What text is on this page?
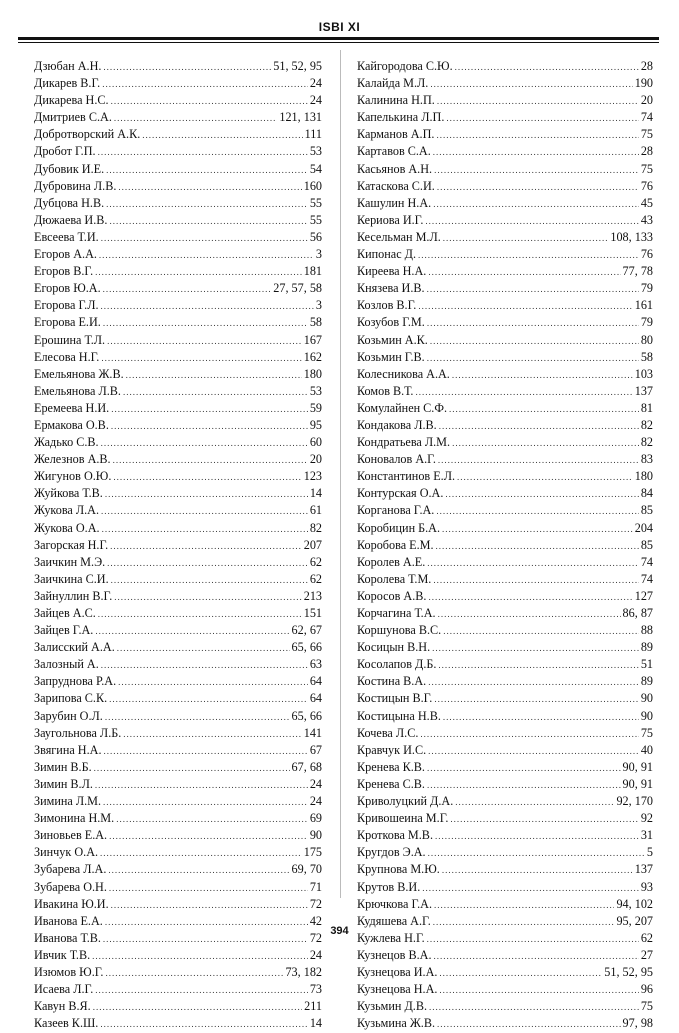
ISBI XI
Дзюбан А.Н. .....	51, 52, 95
Дикарев В.Г. .....	24
Дикарева Н.С. .....	24
Дмитриев С.А. .....	121, 131
Добротворский А.К. .....	111
Дробот Г.П. .....	53
Дубовик И.Е. .....	54
Дубровина Л.В. .....	160
Дубцова Н.В. .....	55
Дюжаева И.В. .....	55
Евсеева Т.И. .....	56
Егоров А.А. .....	3
Егоров В.Г. .....	181
Егоров Ю.А. .....	27, 57, 58
Егорова Г.Л. .....	3
Егорова Е.И. .....	58
Ерошина Т.Л. .....	167
Елесова Н.Г. .....	162
Емельянова Ж.В. .....	180
Емельянова Л.В. .....	53
Еремеева Н.И. .....	59
Ермакова О.В. .....	95
Жадько С.В. .....	60
Железнов А.В. .....	20
Жигунов О.Ю. .....	123
Жуйкова Т.В. .....	14
Жукова Л.А. .....	61
Жукова О.А. .....	82
Загорская Н.Г. .....	207
Заичкин М.Э. .....	62
Заичкина С.И. .....	62
Зайнуллин В.Г. .....	213
Зайцев А.С. .....	151
Зайцев Г.А. .....	62, 67
Залисский А.А. .....	65, 66
Залозный А. .....	63
Запруднова Р.А. .....	64
Зарипова С.К. .....	64
Зарубин О.Л. .....	65, 66
Заугольнова Л.Б. .....	141
Звягина Н.А. .....	67
Зимин В.Б. .....	67, 68
Зимин В.Л. .....	24
Зимина Л.М. .....	24
Зимонина Н.М. .....	69
Зиновьев Е.А. .....	90
Зинчук О.А. .....	175
Зубарева Л.А. .....	69, 70
Зубарева О.Н. .....	71
Ивакина Ю.И. .....	72
Иванова Е.А. .....	42
Иванова Т.В. .....	72
Ивчик Т.В. .....	24
Изюмов Ю.Г. .....	73, 182
Исаева Л.Г. .....	73
Кавун В.Я. .....	211
Казеев К.Ш. .....	14
Кайгородова С.Ю. .....	28
Калайда М.Л. .....	190
Калинина Н.П. .....	20
Капелькина Л.П. .....	74
Карманов А.П. .....	75
Картавов С.А. .....	28
Касьянов А.Н. .....	75
Катаскова С.И. .....	76
Кашулин Н.А. .....	45
Кериова И.Г. .....	43
Кесельман М.Л. .....	108, 133
Кипонас Д. .....	76
Киреева Н.А. .....	77, 78
Князева И.В. .....	79
Козлов В.Г. .....	161
Козубов Г.М. .....	79
Козьмин А.К. .....	80
Козьмин Г.В. .....	58
Колесникова А.А. .....	103
Комов В.Т. .....	137
Комулайнен С.Ф. .....	81
Кондакова Л.В. .....	82
Кондратьева Л.М. .....	82
Коновалов А.Г. .....	83
Константинов Е.Л. .....	180
Контурская О.А. .....	84
Корганова Г.А. .....	85
Коробицин Б.А. .....	204
Коробова Е.М. .....	85
Королев А.Е. .....	74
Королева Т.М. .....	74
Коросов А.В. .....	127
Корчагина Т.А. .....	86, 87
Коршунова В.С. .....	88
Косицын В.Н. .....	89
Косолапов Д.Б. .....	51
Костина В.А. .....	89
Костицын В.Г. .....	90
Костицына Н.В. .....	90
Кочева Л.С. .....	75
Кравчук И.С. .....	40
Кренева К.В. .....	90, 91
Кренева С.В. .....	90, 91
Криволуцкий Д.А. .....	92, 170
Кривошеина М.Г. .....	92
Кроткова М.В. .....	31
Кругдов Э.А. .....	5
Крупнова М.Ю. .....	137
Крутов В.И. .....	93
Крючкова Г.А. .....	94, 102
Кудяшева А.Г. .....	95, 207
Кужлева Н.Г. .....	62
Кузнецов В.А. .....	27
Кузнецова И.А. .....	51, 52, 95
Кузнецова Н.А. .....	96
Кузьмин Д.В. .....	75
Кузьмина Ж.В. .....	97, 98
394
